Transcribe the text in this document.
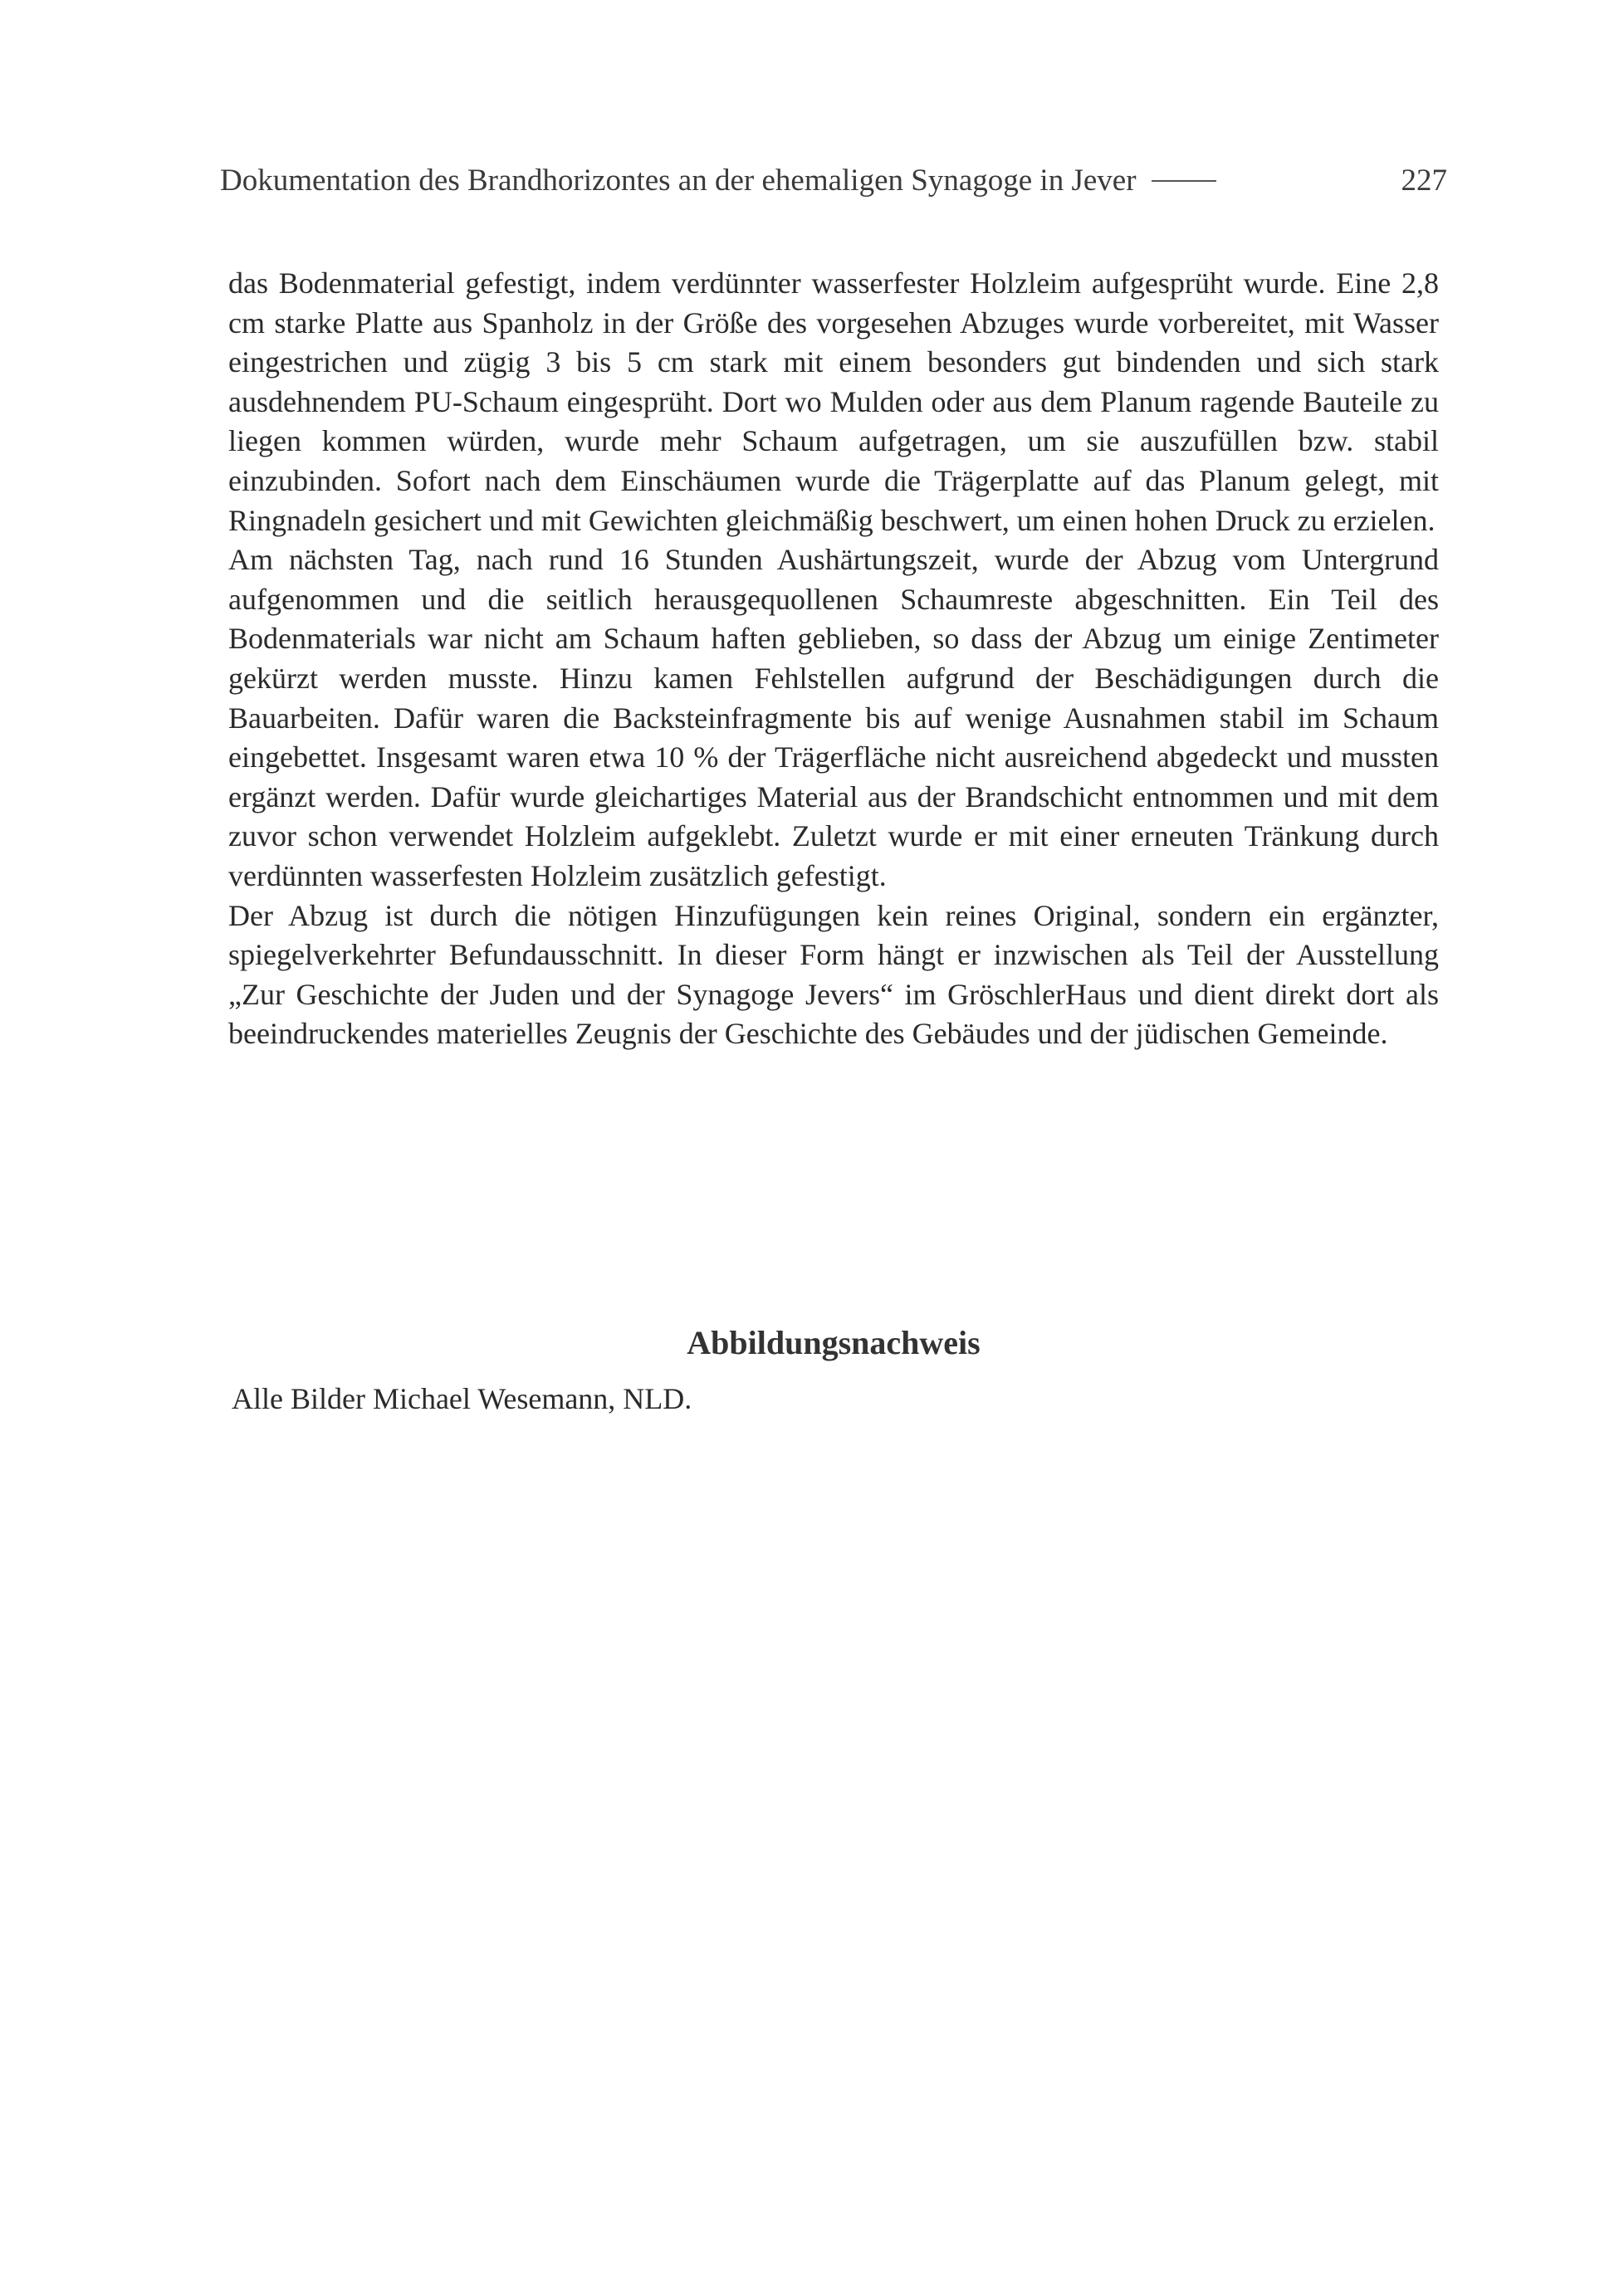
Dokumentation des Brandhorizontes an der ehemaligen Synagoge in Jever	227

das Bodenmaterial gefestigt, indem verdünnter wasserfester Holzleim aufgesprüht wurde. Eine 2,8 cm starke Platte aus Spanholz in der Größe des vorgesehen Abzuges wurde vorbereitet, mit Wasser eingestrichen und zügig 3 bis 5 cm stark mit einem besonders gut bindenden und sich stark ausdehnendem PU-Schaum eingesprüht. Dort wo Mulden oder aus dem Planum ragende Bauteile zu liegen kommen würden, wurde mehr Schaum aufgetragen, um sie auszufüllen bzw. stabil einzubinden. Sofort nach dem Einschäumen wurde die Trägerplatte auf das Planum gelegt, mit Ringnadeln gesichert und mit Gewichten gleichmäßig beschwert, um einen hohen Druck zu erzielen.

Am nächsten Tag, nach rund 16 Stunden Aushärtungszeit, wurde der Abzug vom Untergrund aufgenommen und die seitlich herausgequollenen Schaumreste abgeschnitten. Ein Teil des Bodenmaterials war nicht am Schaum haften geblieben, so dass der Abzug um einige Zentimeter gekürzt werden musste. Hinzu kamen Fehlstellen aufgrund der Beschädigungen durch die Bauarbeiten. Dafür waren die Backsteinfragmente bis auf wenige Ausnahmen stabil im Schaum eingebettet. Insgesamt waren etwa 10 % der Trägerfläche nicht ausreichend abgedeckt und mussten ergänzt werden. Dafür wurde gleichartiges Material aus der Brandschicht entnommen und mit dem zuvor schon verwendet Holzleim aufgeklebt. Zuletzt wurde er mit einer erneuten Tränkung durch verdünnten wasserfesten Holzleim zusätzlich gefestigt.

Der Abzug ist durch die nötigen Hinzufügungen kein reines Original, sondern ein ergänzter, spiegelverkehrter Befundausschnitt. In dieser Form hängt er inzwischen als Teil der Ausstellung „Zur Geschichte der Juden und der Synagoge Jevers“ im GröschlerHaus und dient direkt dort als beeindruckendes materielles Zeugnis der Geschichte des Gebäudes und der jüdischen Gemeinde.

Abbildungsnachweis
Alle Bilder Michael Wesemann, NLD.
